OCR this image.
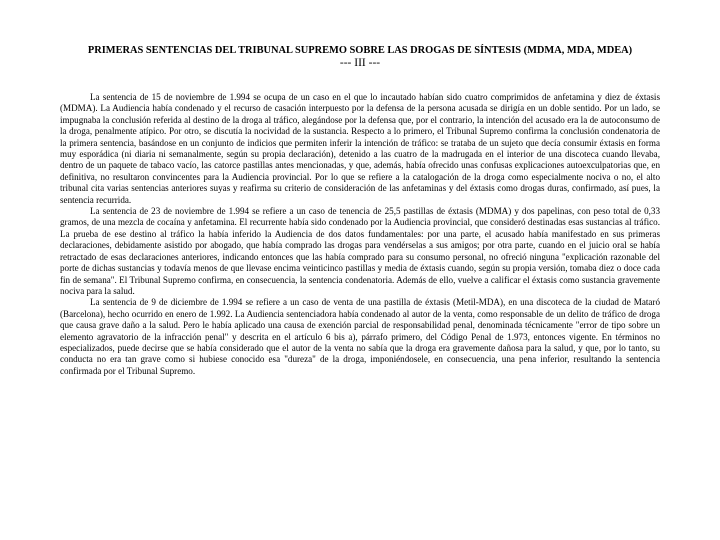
PRIMERAS SENTENCIAS DEL TRIBUNAL SUPREMO SOBRE LAS DROGAS DE SÍNTESIS (MDMA, MDA, MDEA)
--- III ---

La sentencia de 15 de noviembre de 1.994 se ocupa de un caso en el que lo incautado habían sido cuatro comprimidos de anfetamina y diez de éxtasis (MDMA). La Audiencia había condenado y el recurso de casación interpuesto por la defensa de la persona acusada se dirigía en un doble sentido. Por un lado, se impugnaba la conclusión referida al destino de la droga al tráfico, alegándose por la defensa que, por el contrario, la intención del acusado era la de autoconsumo de la droga, penalmente atípico. Por otro, se discutía la nocividad de la sustancia. Respecto a lo primero, el Tribunal Supremo confirma la conclusión condenatoria de la primera sentencia, basándose en un conjunto de indicios que permiten inferir la intención de tráfico: se trataba de un sujeto que decía consumir éxtasis en forma muy esporádica (ni diaria ni semanalmente, según su propia declaración), detenido a las cuatro de la madrugada en el interior de una discoteca cuando llevaba, dentro de un paquete de tabaco vacío, las catorce pastillas antes mencionadas, y que, además, había ofrecido unas confusas explicaciones autoexculpatorias que, en definitiva, no resultaron convincentes para la Audiencia provincial. Por lo que se refiere a la catalogación de la droga como especialmente nociva o no, el alto tribunal cita varias sentencias anteriores suyas y reafirma su criterio de consideración de las anfetaminas y del éxtasis como drogas duras, confirmado, así pues, la sentencia recurrida.

La sentencia de 23 de noviembre de 1.994 se refiere a un caso de tenencia de 25,5 pastillas de éxtasis (MDMA) y dos papelinas, con peso total de 0,33 gramos, de una mezcla de cocaína y anfetamina. El recurrente había sido condenado por la Audiencia provincial, que consideró destinadas esas sustancias al tráfico. La prueba de ese destino al tráfico la había inferido la Audiencia de dos datos fundamentales: por una parte, el acusado había manifestado en sus primeras declaraciones, debidamente asistido por abogado, que había comprado las drogas para vendérselas a sus amigos; por otra parte, cuando en el juicio oral se había retractado de esas declaraciones anteriores, indicando entonces que las había comprado para su consumo personal, no ofreció ninguna "explicación razonable del porte de dichas sustancias y todavía menos de que llevase encima veinticinco pastillas y media de éxtasis cuando, según su propia versión, tomaba diez o doce cada fin de semana". El Tribunal Supremo confirma, en consecuencia, la sentencia condenatoria. Además de ello, vuelve a calificar el éxtasis como sustancia gravemente nociva para la salud.

La sentencia de 9 de diciembre de 1.994 se refiere a un caso de venta de una pastilla de éxtasis (Metil-MDA), en una discoteca de la ciudad de Mataró (Barcelona), hecho ocurrido en enero de 1.992. La Audiencia sentenciadora había condenado al autor de la venta, como responsable de un delito de tráfico de droga que causa grave daño a la salud. Pero le había aplicado una causa de exención parcial de responsabilidad penal, denominada técnicamente "error de tipo sobre un elemento agravatorio de la infracción penal" y descrita en el artículo 6 bis a), párrafo primero, del Código Penal de 1.973, entonces vigente. En términos no especializados, puede decirse que se había considerado que el autor de la venta no sabía que la droga era gravemente dañosa para la salud, y que, por lo tanto, su conducta no era tan grave como si hubiese conocido esa "dureza" de la droga, imponiéndosele, en consecuencia, una pena inferior, resultando la sentencia confirmada por el Tribunal Supremo.
